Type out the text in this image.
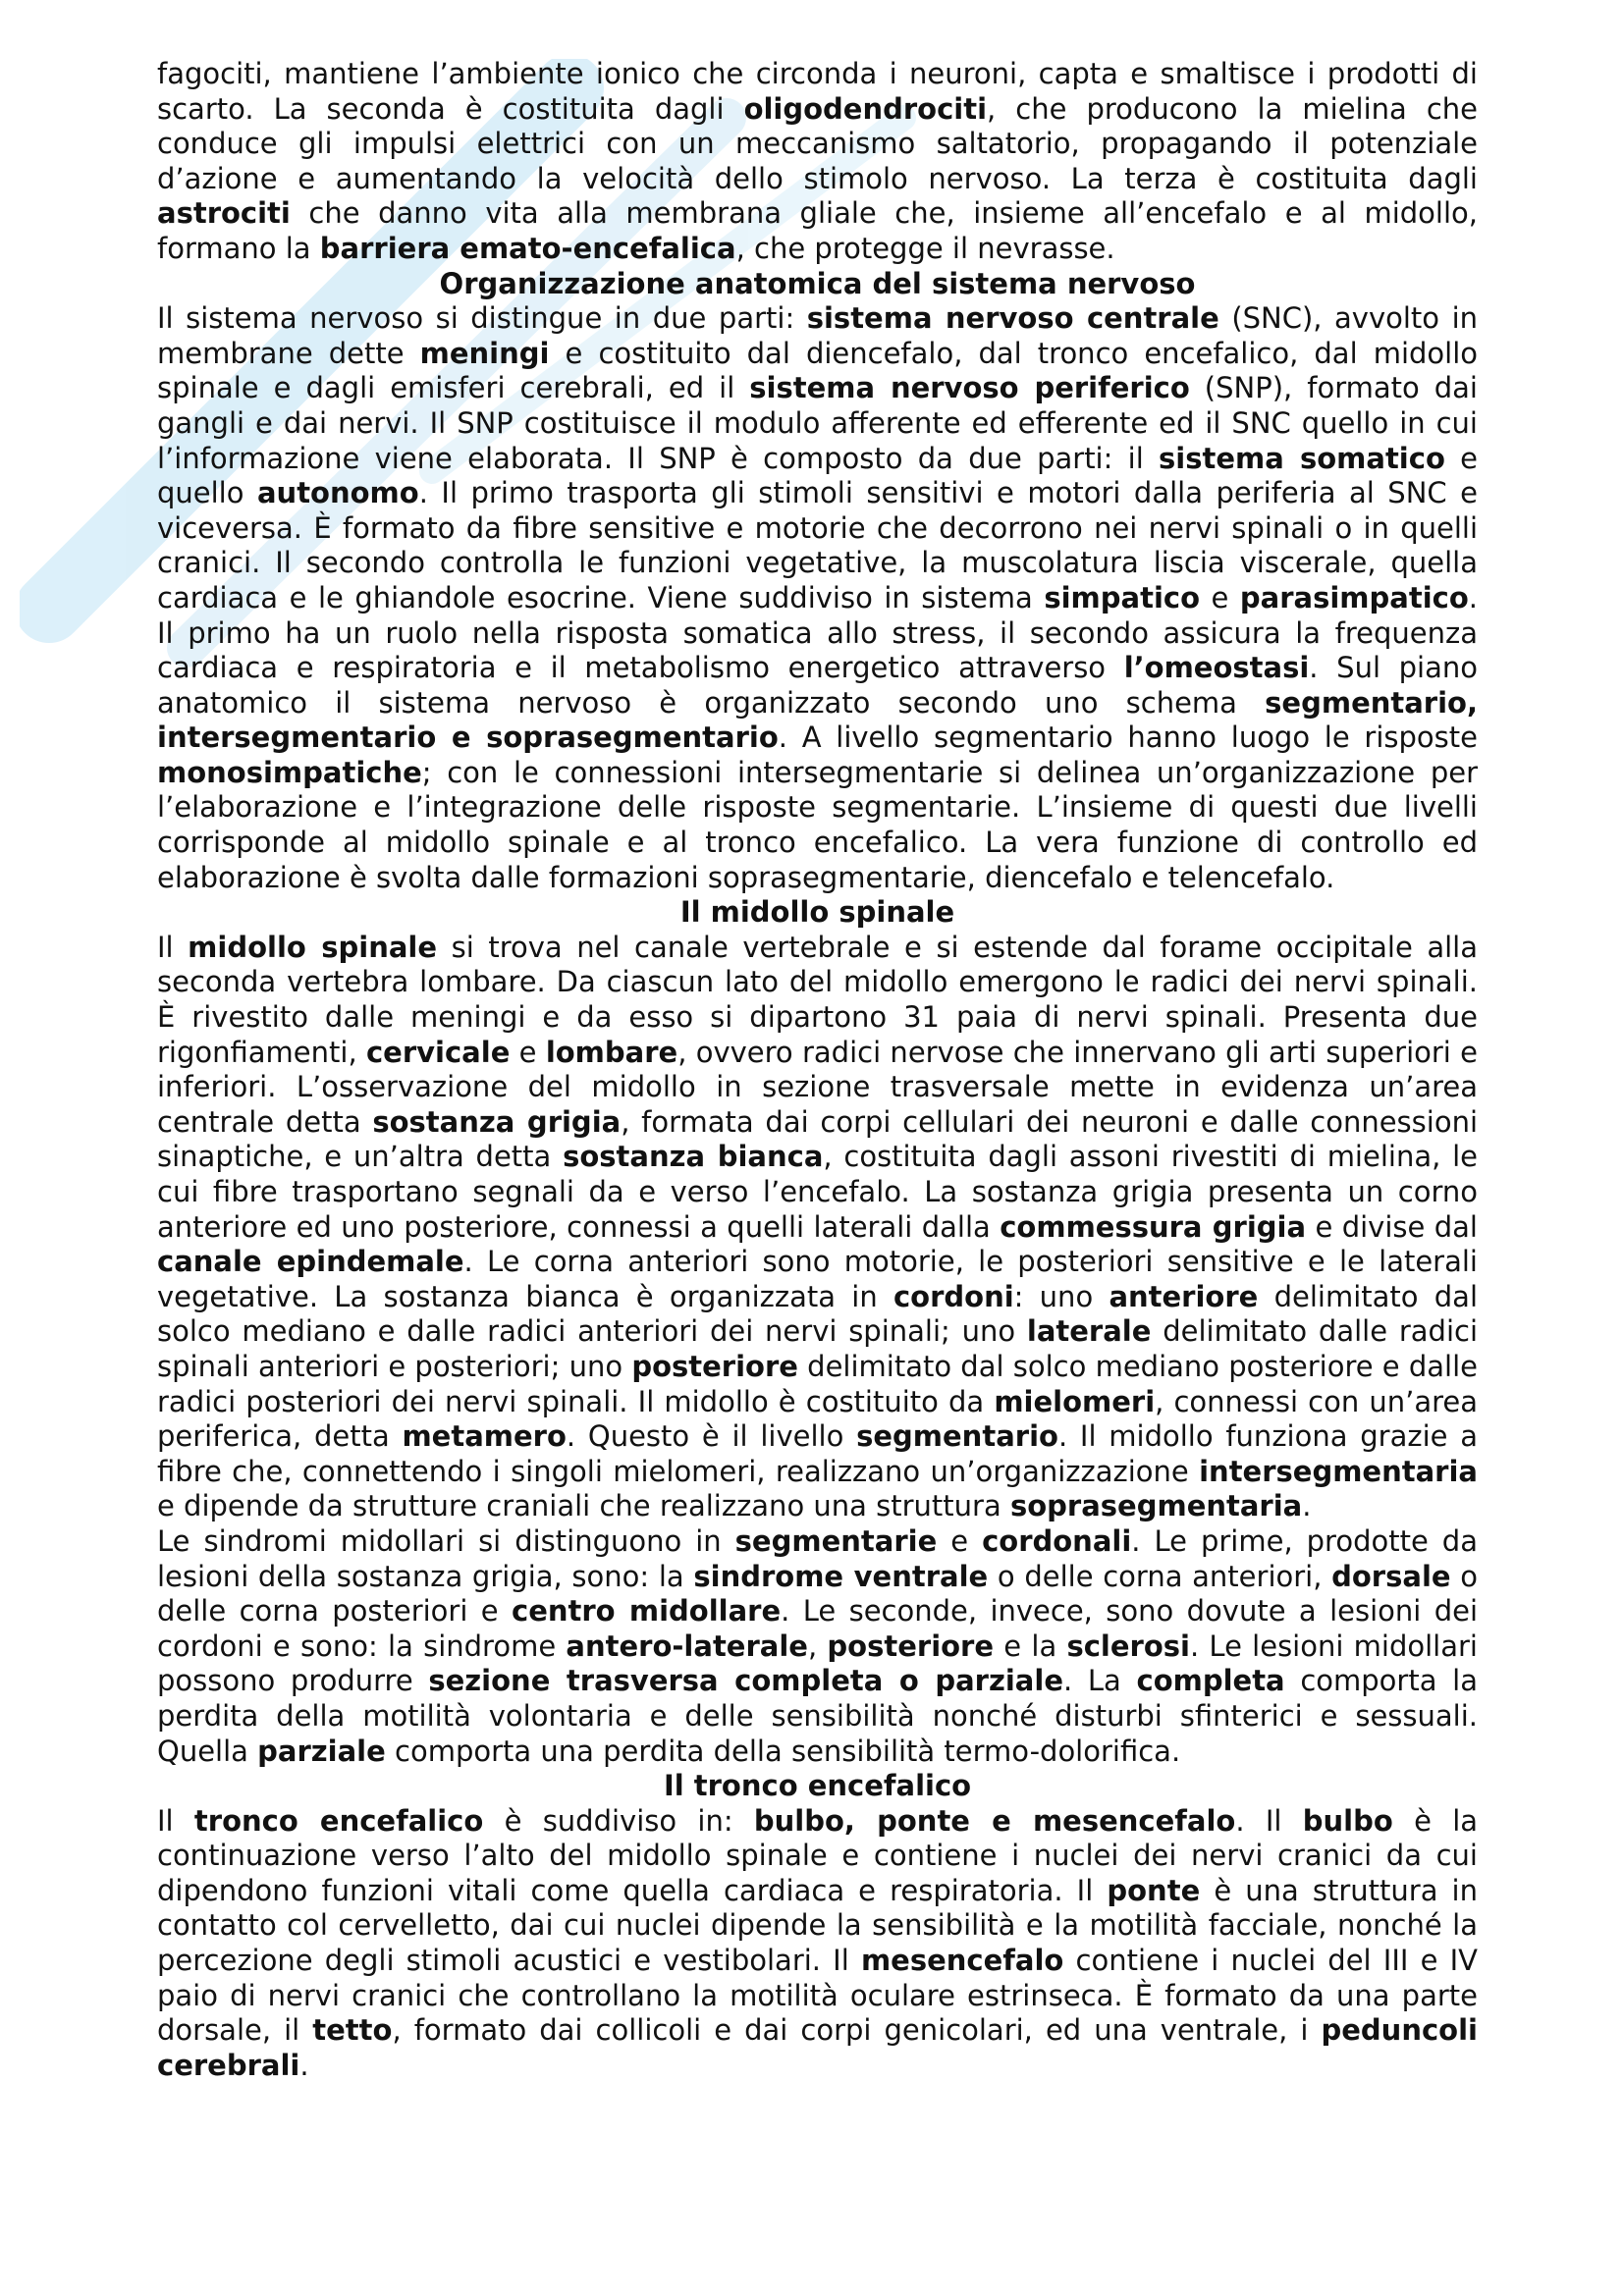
fagociti, mantiene l’ambiente ionico che circonda i neuroni, capta e smaltisce i prodotti di scarto. La seconda è costituita dagli oligodendrociti, che producono la mielina che conduce gli impulsi elettrici con un meccanismo saltatorio, propagando il potenziale d’azione e aumentando la velocità dello stimolo nervoso. La terza è costituita dagli astrociti che danno vita alla membrana gliale che, insieme all’encefalo e al midollo, formano la barriera emato-encefalica, che protegge il nevrasse.

Organizzazione anatomica del sistema nervoso

Il sistema nervoso si distingue in due parti: sistema nervoso centrale (SNC), avvolto in membrane dette meningi e costituito dal diencefalo, dal tronco encefalico, dal midollo spinale e dagli emisferi cerebrali, ed il sistema nervoso periferico (SNP), formato dai gangli e dai nervi. Il SNP costituisce il modulo afferente ed efferente ed il SNC quello in cui l’informazione viene elaborata. Il SNP è composto da due parti: il sistema somatico e quello autonomo. Il primo trasporta gli stimoli sensitivi e motori dalla periferia al SNC e viceversa. È formato da fibre sensitive e motorie che decorrono nei nervi spinali o in quelli cranici. Il secondo controlla le funzioni vegetative, la muscolatura liscia viscerale, quella cardiaca e le ghiandole esocrine. Viene suddiviso in sistema simpatico e parasimpatico. Il primo ha un ruolo nella risposta somatica allo stress, il secondo assicura la frequenza cardiaca e respiratoria e il metabolismo energetico attraverso l’omeostasi. Sul piano anatomico il sistema nervoso è organizzato secondo uno schema segmentario, intersegmentario e soprasegmentario. A livello segmentario hanno luogo le risposte monosimpatiche; con le connessioni intersegmentarie si delinea un’organizzazione per l’elaborazione e l’integrazione delle risposte segmentarie. L’insieme di questi due livelli corrisponde al midollo spinale e al tronco encefalico. La vera funzione di controllo ed elaborazione è svolta dalle formazioni soprasegmentarie, diencefalo e telencefalo.

Il midollo spinale

Il midollo spinale si trova nel canale vertebrale e si estende dal forame occipitale alla seconda vertebra lombare. Da ciascun lato del midollo emergono le radici dei nervi spinali. È rivestito dalle meningi e da esso si dipartono 31 paia di nervi spinali. Presenta due rigonfiamenti, cervicale e lombare, ovvero radici nervose che innervano gli arti superiori e inferiori. L’osservazione del midollo in sezione trasversale mette in evidenza un’area centrale detta sostanza grigia, formata dai corpi cellulari dei neuroni e dalle connessioni sinaptiche, e un’altra detta sostanza bianca, costituita dagli assoni rivestiti di mielina, le cui fibre trasportano segnali da e verso l’encefalo. La sostanza grigia presenta un corno anteriore ed uno posteriore, connessi a quelli laterali dalla commessura grigia e divise dal canale epindemale. Le corna anteriori sono motorie, le posteriori sensitive e le laterali vegetative. La sostanza bianca è organizzata in cordoni: uno anteriore delimitato dal solco mediano e dalle radici anteriori dei nervi spinali; uno laterale delimitato dalle radici spinali anteriori e posteriori; uno posteriore delimitato dal solco mediano posteriore e dalle radici posteriori dei nervi spinali. Il midollo è costituito da mielomeri, connessi con un’area periferica, detta metamero. Questo è il livello segmentario. Il midollo funziona grazie a fibre che, connettendo i singoli mielomeri, realizzano un’organizzazione intersegmentaria e dipende da strutture craniali che realizzano una struttura soprasegmentaria.

Le sindromi midollari si distinguono in segmentarie e cordonali. Le prime, prodotte da lesioni della sostanza grigia, sono: la sindrome ventrale o delle corna anteriori, dorsale o delle corna posteriori e centro midollare. Le seconde, invece, sono dovute a lesioni dei cordoni e sono: la sindrome antero-laterale, posteriore e la sclerosi. Le lesioni midollari possono produrre sezione trasversa completa o parziale. La completa comporta la perdita della motilità volontaria e delle sensibilità nonché disturbi sfinterici e sessuali. Quella parziale comporta una perdita della sensibilità termo-dolorifica.

Il tronco encefalico

Il tronco encefalico è suddiviso in: bulbo, ponte e mesencefalo. Il bulbo è la continuazione verso l’alto del midollo spinale e contiene i nuclei dei nervi cranici da cui dipendono funzioni vitali come quella cardiaca e respiratoria. Il ponte è una struttura in contatto col cervelletto, dai cui nuclei dipende la sensibilità e la motilità facciale, nonché la percezione degli stimoli acustici e vestibolari. Il mesencefalo contiene i nuclei del III e IV paio di nervi cranici che controllano la motilità oculare estrinseca. È formato da una parte dorsale, il tetto, formato dai collicoli e dai corpi genicolari, ed una ventrale, i peduncoli cerebrali.
